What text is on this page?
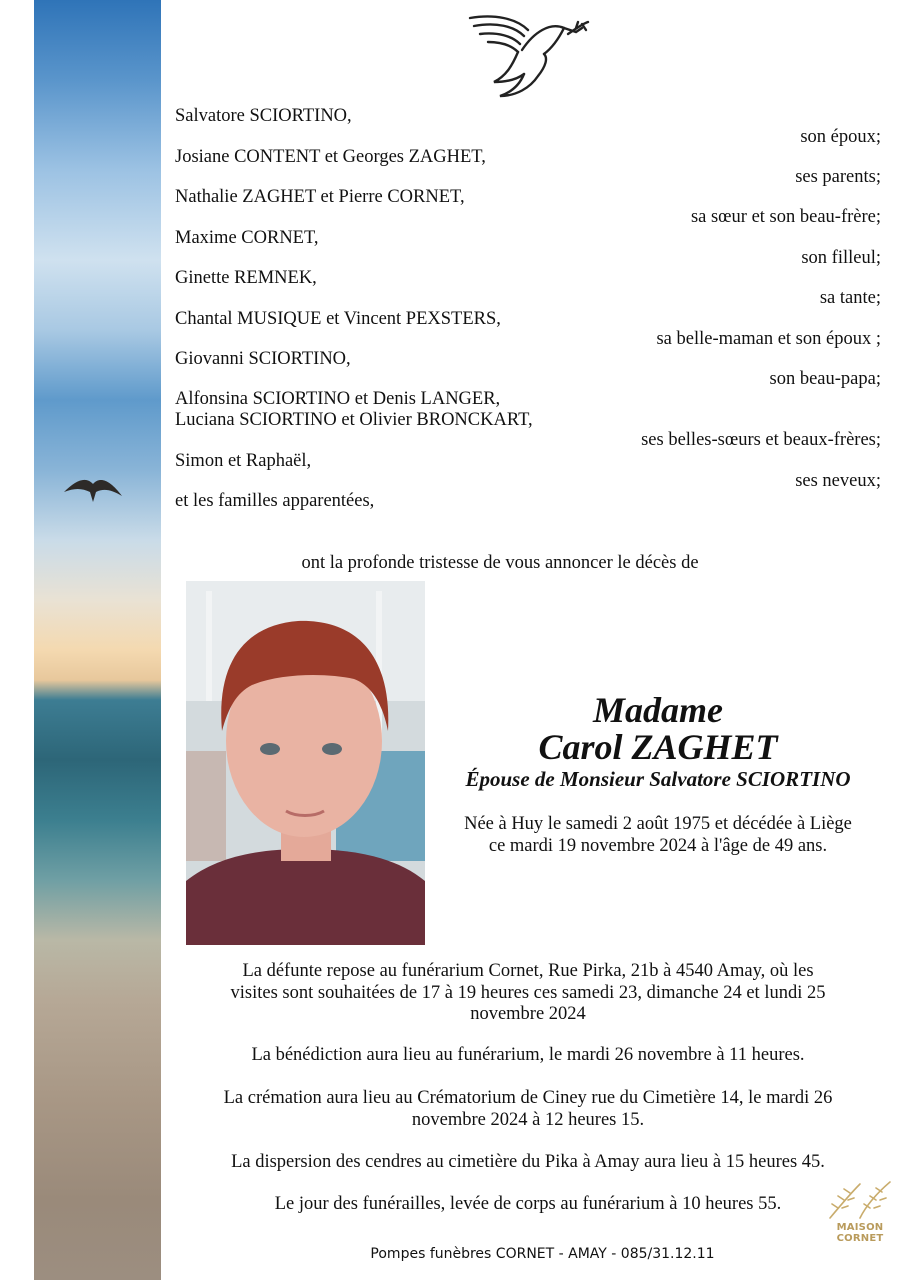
Salvatore SCIORTINO,
son époux;
Josiane CONTENT et Georges ZAGHET,
ses parents;
Nathalie ZAGHET et Pierre CORNET,
sa sœur et son beau-frère;
Maxime CORNET,
son filleul;
Ginette REMNEK,
sa tante;
Chantal MUSIQUE et Vincent PEXSTERS,
sa belle-maman et son époux ;
Giovanni SCIORTINO,
son beau-papa;
Alfonsina SCIORTINO et Denis LANGER,
Luciana SCIORTINO et Olivier BRONCKART,
ses belles-sœurs et beaux-frères;
Simon et Raphaël,
ses neveux;
et les familles apparentées,
ont la profonde tristesse de vous annoncer le décès de
Madame
Carol ZAGHET
Épouse de Monsieur Salvatore SCIORTINO
Née à Huy le samedi 2 août 1975 et décédée à Liège
ce mardi 19 novembre 2024 à l'âge de 49 ans.
La défunte repose au funérarium Cornet, Rue Pirka, 21b à 4540 Amay, où les
visites sont souhaitées de 17 à 19 heures ces samedi 23, dimanche 24 et lundi 25
novembre 2024
La bénédiction aura lieu au funérarium, le mardi 26 novembre à 11 heures.
La crémation aura lieu au Crématorium de Ciney rue du Cimetière 14, le mardi 26
novembre 2024 à 12 heures 15.
La dispersion des cendres au cimetière du Pika à Amay aura lieu à 15 heures 45.
Le jour des funérailles, levée de corps au funérarium à 10 heures 55.
Pompes funèbres CORNET - AMAY - 085/31.12.11
MAISON CORNET
